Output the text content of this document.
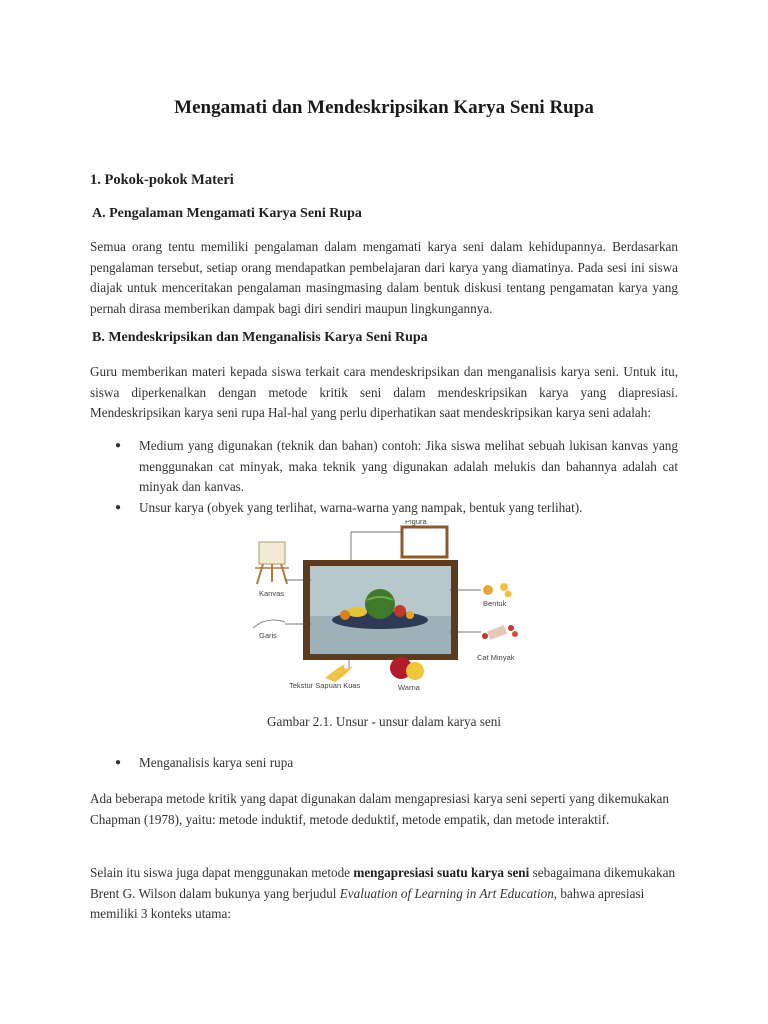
Mengamati dan Mendeskripsikan Karya Seni Rupa
1. Pokok-pokok Materi
A. Pengalaman Mengamati Karya Seni Rupa
Semua orang tentu memiliki pengalaman dalam mengamati karya seni dalam kehidupannya. Berdasarkan pengalaman tersebut, setiap orang mendapatkan pembelajaran dari karya yang diamatinya. Pada sesi ini siswa diajak untuk menceritakan pengalaman masingmasing dalam bentuk diskusi tentang pengamatan karya yang pernah dirasa memberikan dampak bagi diri sendiri maupun lingkungannya.
B. Mendeskripsikan dan Menganalisis Karya Seni Rupa
Guru memberikan materi kepada siswa terkait cara mendeskripsikan dan menganalisis karya seni. Untuk itu, siswa diperkenalkan dengan metode kritik seni dalam mendeskripsikan karya yang diapresiasi. Mendeskripsikan karya seni rupa Hal-hal yang perlu diperhatikan saat mendeskripsikan karya seni adalah:
●	Medium yang digunakan (teknik dan bahan) contoh: Jika siswa melihat sebuah lukisan kanvas yang menggunakan cat minyak, maka teknik yang digunakan adalah melukis dan bahannya adalah cat minyak dan kanvas.
●	Unsur karya (obyek yang terlihat, warna-warna yang nampak, bentuk yang terlihat).
Kanvas
Garis
Pigura
Bentuk
Cat Minyak
Tekstur Sapuan Kuas	Warna
Gambar 2.1. Unsur - unsur dalam karya seni
●	Menganalisis karya seni rupa
Ada beberapa metode kritik yang dapat digunakan dalam mengapresiasi karya seni seperti yang dikemukakan Chapman (1978), yaitu: metode induktif, metode deduktif, metode empatik, dan metode interaktif.
Selain itu siswa juga dapat menggunakan metode mengapresiasi suatu karya seni sebagaimana dikemukakan Brent G. Wilson dalam bukunya yang berjudul Evaluation of Learning in Art Education, bahwa apresiasi memiliki 3 konteks utama:
